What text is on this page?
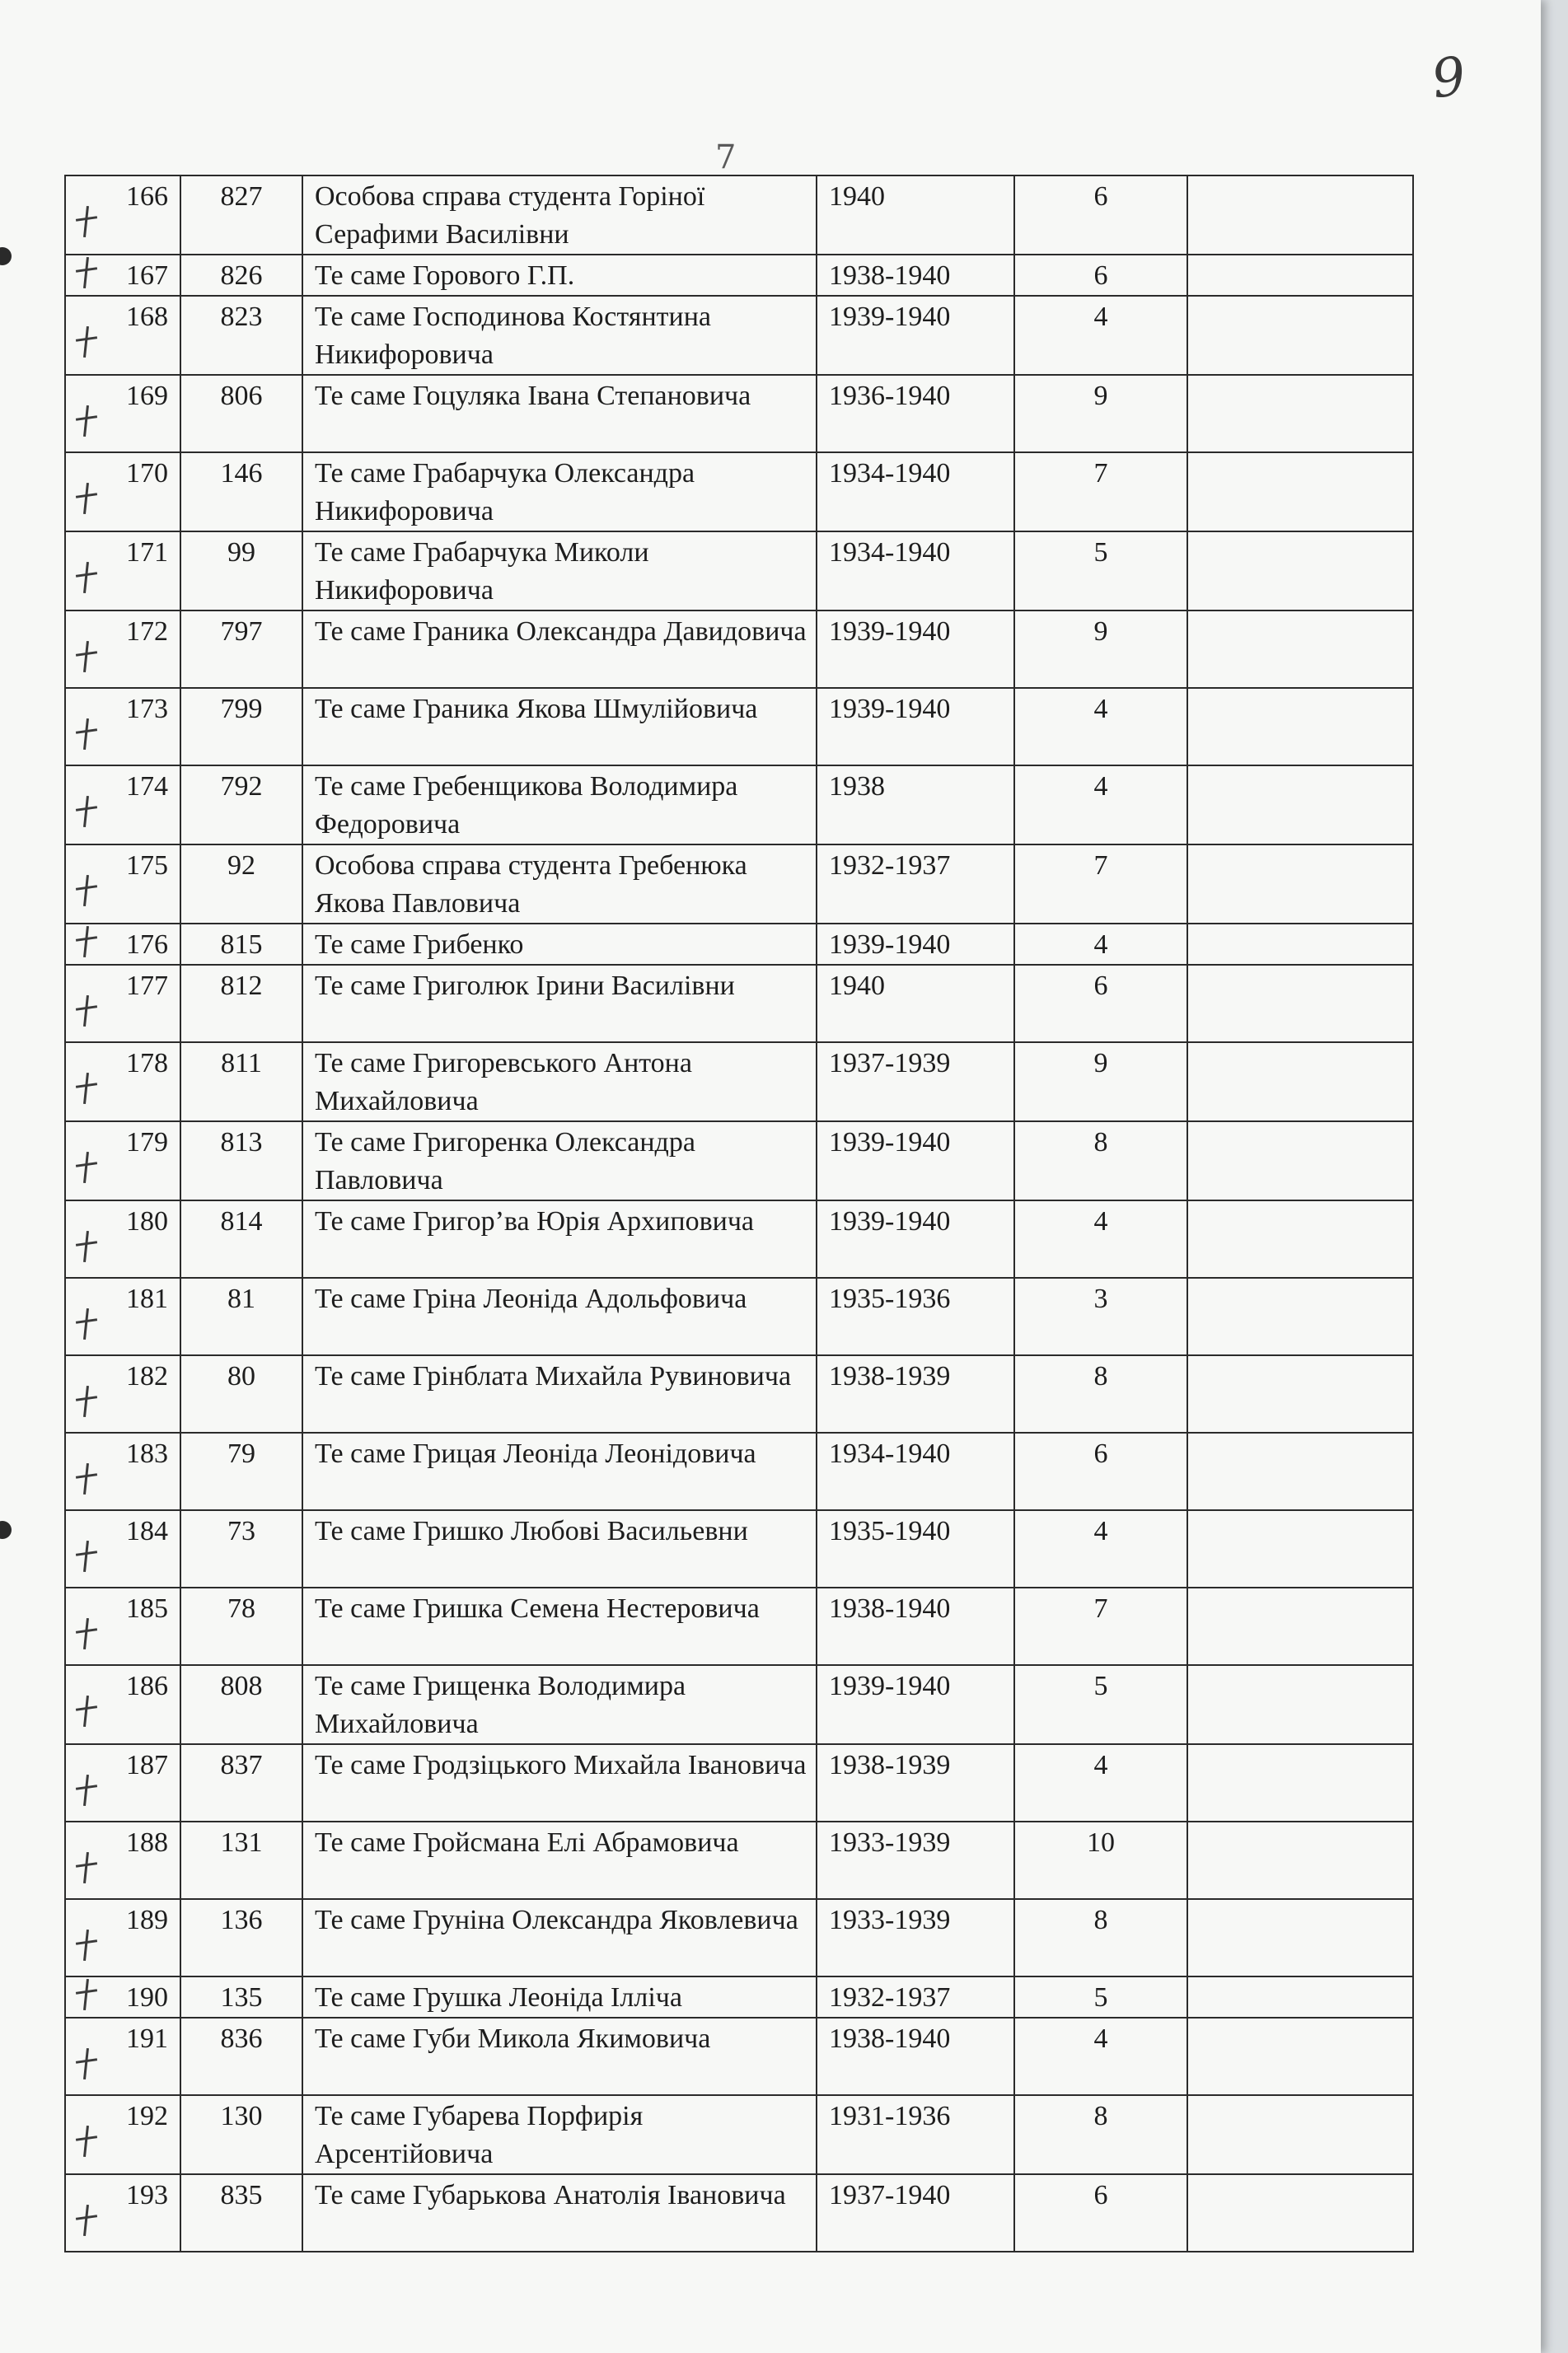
9
7
166	827	Особова справа студента Горіної Серафими Василівни	1940	6	
167	826	Те саме Горового Г.П.	1938-1940	6	
168	823	Те саме Господинова Костянтина Никифоровича	1939-1940	4	
169	806	Те саме Гоцуляка Івана Степановича	1936-1940	9	
170	146	Те саме Грабарчука Олександра Никифоровича	1934-1940	7	
171	99	Те саме Грабарчука Миколи Никифоровича	1934-1940	5	
172	797	Те саме Граника Олександра Давидовича	1939-1940	9	
173	799	Те саме Граника Якова Шмулійовича	1939-1940	4	
174	792	Те саме Гребенщикова Володимира Федоровича	1938	4	
175	92	Особова справа студента Гребенюка Якова Павловича	1932-1937	7	
176	815	Те саме Грибенко	1939-1940	4	
177	812	Те саме Григолюк Ірини Василівни	1940	6	
178	811	Те саме Григоревського Антона Михайловича	1937-1939	9	
179	813	Те саме Григоренка Олександра Павловича	1939-1940	8	
180	814	Те саме Григор’ва Юрія Архиповича	1939-1940	4	
181	81	Те саме Гріна Леоніда Адольфовича	1935-1936	3	
182	80	Те саме Грінблата Михайла Рувиновича	1938-1939	8	
183	79	Те саме Грицая Леоніда Леонідовича	1934-1940	6	
184	73	Те саме Гришко Любові Васильевни	1935-1940	4	
185	78	Те саме Гришка Семена Нестеровича	1938-1940	7	
186	808	Те саме Грищенка Володимира Михайловича	1939-1940	5	
187	837	Те саме Гродзіцького Михайла Івановича	1938-1939	4	
188	131	Те саме Гройсмана Елі Абрамовича	1933-1939	10	
189	136	Те саме Груніна Олександра Яковлевича	1933-1939	8	
190	135	Те саме Грушка Леоніда Ілліча	1932-1937	5	
191	836	Те саме Губи Микола Якимовича	1938-1940	4	
192	130	Те саме Губарева Порфирія Арсентійовича	1931-1936	8	
193	835	Те саме Губарькова Анатолія Івановича	1937-1940	6	
